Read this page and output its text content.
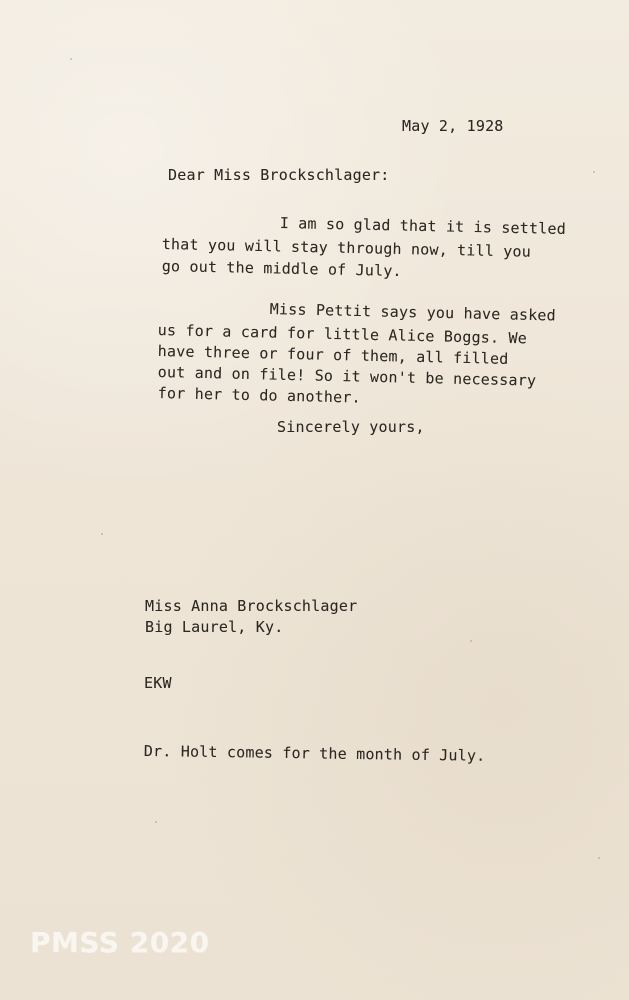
May 2, 1928
Dear Miss Brockschlager:
I am so glad that it is settled
that you will stay through now, till you
go out the middle of July.
Miss Pettit says you have asked
us for a card for little Alice Boggs. We
have three or four of them, all filled
out and on file! So it won't be necessary
for her to do another.
Sincerely yours,
Miss Anna Brockschlager
Big Laurel, Ky.
EKW
Dr. Holt comes for the month of July.
PMSS 2020
